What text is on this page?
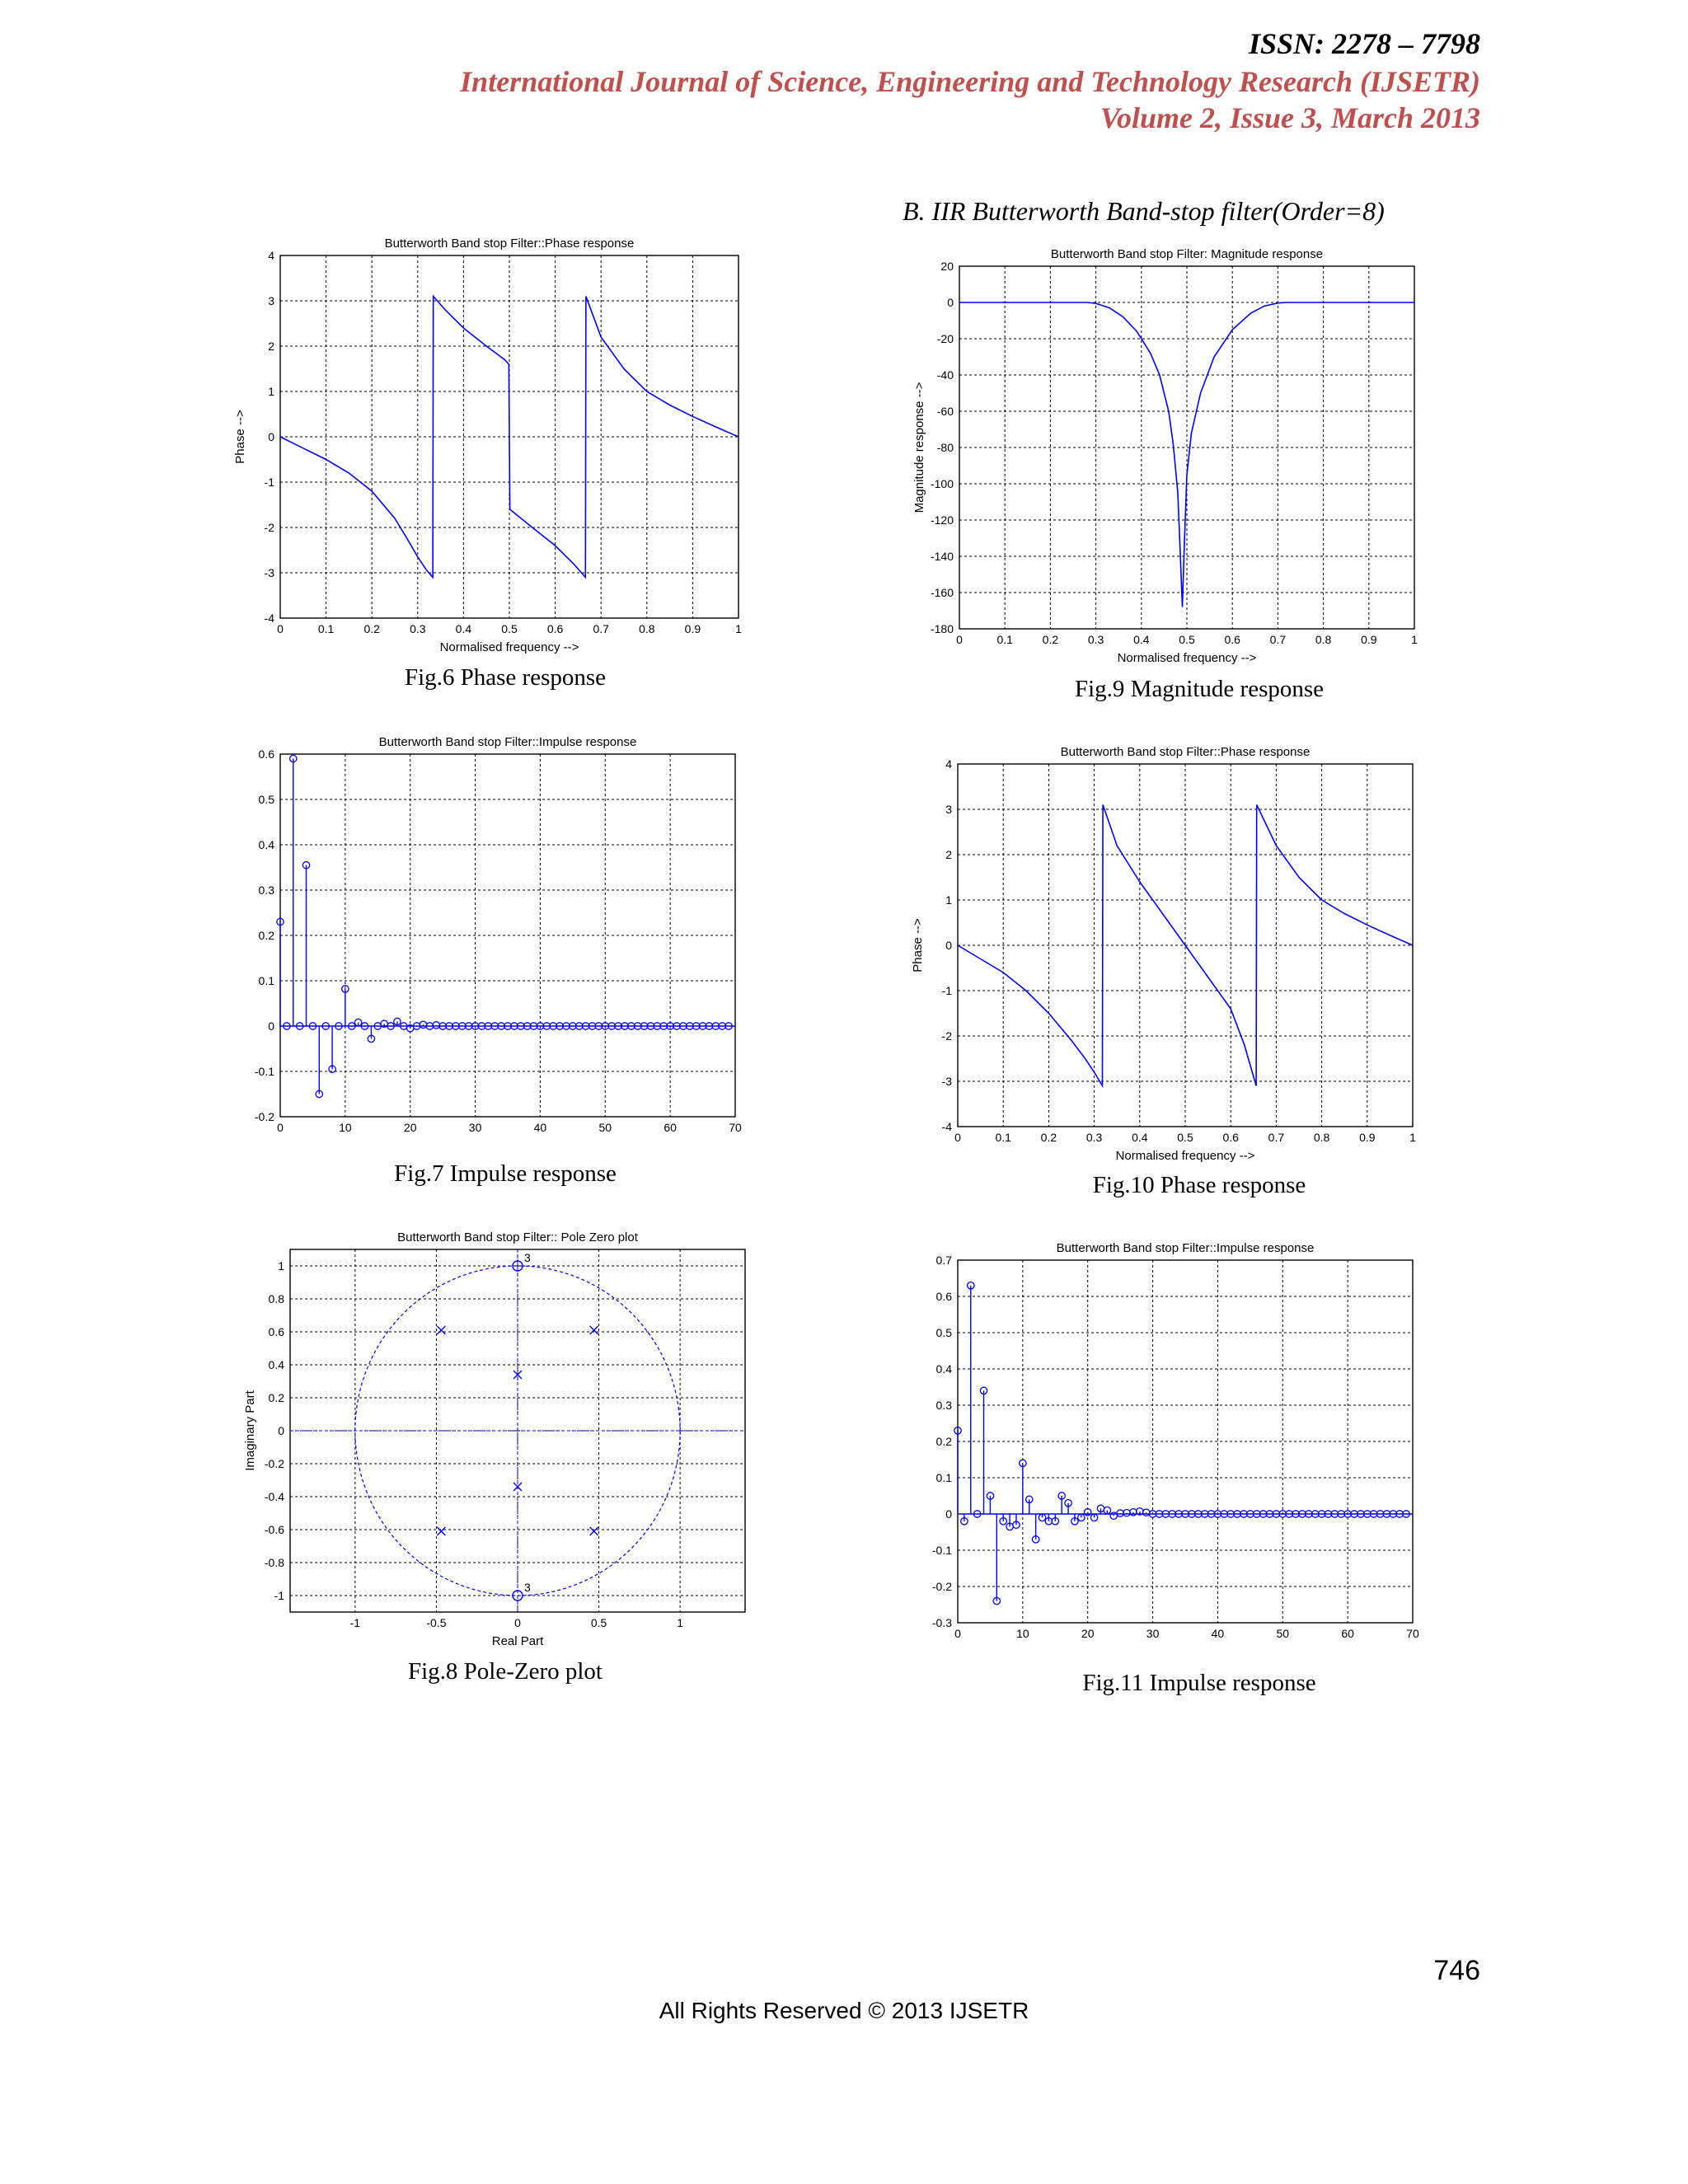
ISSN: 2278 – 7798
International Journal of Science, Engineering and Technology Research (IJSETR)
Volume 2, Issue 3, March 2013

B. IIR Butterworth Band-stop filter(Order=8)

Butterworth Band stop Filter::Phase response
0	0.1	0.2	0.3	0.4	0.5	0.6	0.7	0.8	0.9	1
-4
-3
-2
-1
0
1
2
3
4
Normalised frequency -->
Phase -->
Butterworth Band stop Filter::Impulse response
0	10	20	30	40	50	60	70
-0.2
-0.1
0
0.1
0.2
0.3
0.4
0.5
0.6
Butterworth Band stop Filter:: Pole Zero plot
-1	-0.5	0	0.5	1
-1
-0.8
-0.6
-0.4
-0.2
0
0.2
0.4
0.6
0.8
1
Real Part
Imaginary Part
3
3
Butterworth Band stop Filter: Magnitude response
0	0.1	0.2	0.3	0.4	0.5	0.6	0.7	0.8	0.9	1
-180
-160
-140
-120
-100
-80
-60
-40
-20
0
20
Normalised frequency -->
Magnitude response -->
Butterworth Band stop Filter::Phase response
0	0.1	0.2	0.3	0.4	0.5	0.6	0.7	0.8	0.9	1
-4
-3
-2
-1
0
1
2
3
4
Normalised frequency -->
Phase -->
Butterworth Band stop Filter::Impulse response
0	10	20	30	40	50	60	70
-0.3
-0.2
-0.1
0
0.1
0.2
0.3
0.4
0.5
0.6
0.7
Fig.6 Phase response
Fig.7 Impulse response
Fig.8 Pole-Zero plot
Fig.9 Magnitude response
Fig.10 Phase response
Fig.11 Impulse response
746
All Rights Reserved © 2013 IJSETR
